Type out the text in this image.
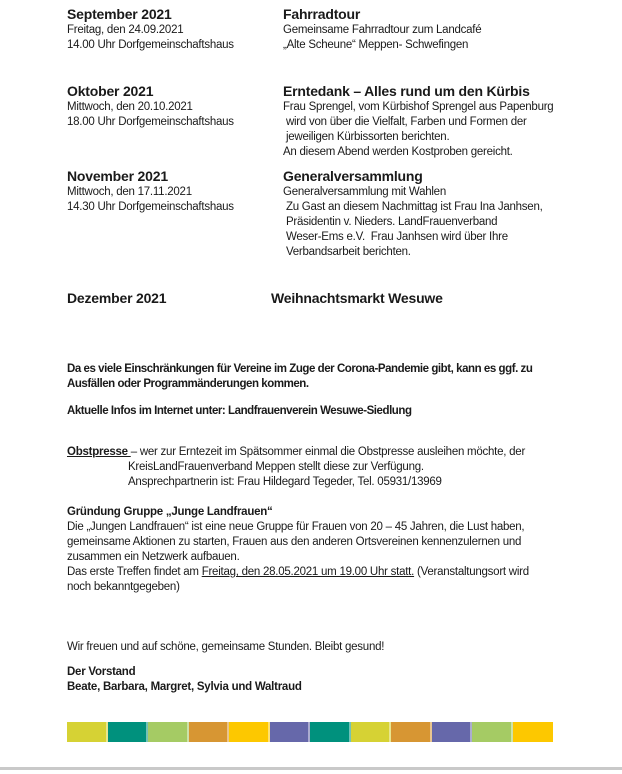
September 2021
Freitag, den 24.09.2021
14.00 Uhr Dorfgemeinschaftshaus
Fahrradtour
Gemeinsame Fahrradtour zum Landcafé
„Alte Scheune“ Meppen- Schwefingen
Oktober 2021
Mittwoch, den 20.10.2021
18.00 Uhr Dorfgemeinschaftshaus
Erntedank – Alles rund um den Kürbis
Frau Sprengel, vom Kürbishof Sprengel aus Papenburg
wird von über die Vielfalt, Farben und Formen der
jeweiligen Kürbissorten berichten.
An diesem Abend werden Kostproben gereicht.
November 2021
Mittwoch, den 17.11.2021
14.30 Uhr Dorfgemeinschaftshaus
Generalversammlung
Generalversammlung mit Wahlen
Zu Gast an diesem Nachmittag ist Frau Ina Janhsen,
Präsidentin v. Nieders. LandFrauenverband
Weser-Ems e.V.  Frau Janhsen wird über Ihre
Verbandsarbeit berichten.
Dezember 2021	Weihnachtsmarkt Wesuwe
Da es viele Einschränkungen für Vereine im Zuge der Corona-Pandemie gibt, kann es ggf. zu
Ausfällen oder Programmänderungen kommen.
Aktuelle Infos im Internet unter: Landfrauenverein Wesuwe-Siedlung
Obstpresse – wer zur Erntezeit im Spätsommer einmal die Obstpresse ausleihen möchte, der
KreisLandFrauenverband Meppen stellt diese zur Verfügung.
Ansprechpartnerin ist: Frau Hildegard Tegeder, Tel. 05931/13969
Gründung Gruppe „Junge Landfrauen“
Die „Jungen Landfrauen“ ist eine neue Gruppe für Frauen von 20 – 45 Jahren, die Lust haben,
gemeinsame Aktionen zu starten, Frauen aus den anderen Ortsvereinen kennenzulernen und
zusammen ein Netzwerk aufbauen.
Das erste Treffen findet am Freitag, den 28.05.2021 um 19.00 Uhr statt. (Veranstaltungsort wird
noch bekanntgegeben)
Wir freuen und auf schöne, gemeinsame Stunden. Bleibt gesund!
Der Vorstand
Beate, Barbara, Margret, Sylvia und Waltraud
